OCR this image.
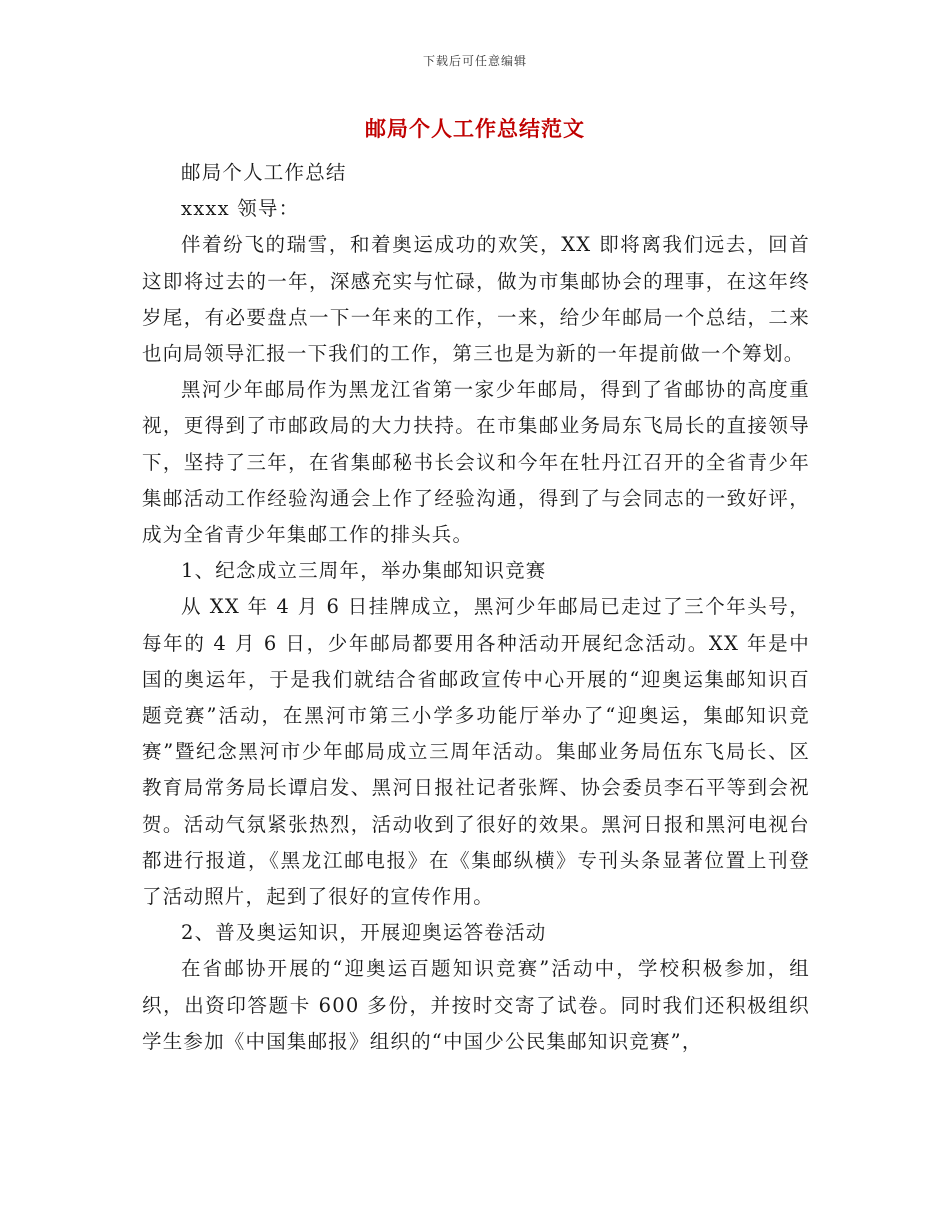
下载后可任意编辑
邮局个人工作总结范文

邮局个人工作总结

xxxx 领导：

伴着纷飞的瑞雪，和着奥运成功的欢笑，XX 即将离我们远去，回首这即将过去的一年，深感充实与忙碌，做为市集邮协会的理事，在这年终岁尾，有必要盘点一下一年来的工作，一来，给少年邮局一个总结，二来也向局领导汇报一下我们的工作，第三也是为新的一年提前做一个筹划。

黑河少年邮局作为黑龙江省第一家少年邮局，得到了省邮协的高度重视，更得到了市邮政局的大力扶持。在市集邮业务局东飞局长的直接领导下，坚持了三年，在省集邮秘书长会议和今年在牡丹江召开的全省青少年集邮活动工作经验沟通会上作了经验沟通，得到了与会同志的一致好评，成为全省青少年集邮工作的排头兵。

1、纪念成立三周年，举办集邮知识竞赛

从 XX 年 4 月 6 日挂牌成立，黑河少年邮局已走过了三个年头号，每年的 4 月 6 日，少年邮局都要用各种活动开展纪念活动。XX 年是中国的奥运年，于是我们就结合省邮政宣传中心开展的“迎奥运集邮知识百题竞赛”活动，在黑河市第三小学多功能厅举办了“迎奥运，集邮知识竞赛”暨纪念黑河市少年邮局成立三周年活动。集邮业务局伍东飞局长、区教育局常务局长谭启发、黑河日报社记者张辉、协会委员李石平等到会祝贺。活动气氛紧张热烈，活动收到了很好的效果。黑河日报和黑河电视台都进行报道，《黑龙江邮电报》在《集邮纵横》专刊头条显著位置上刊登了活动照片，起到了很好的宣传作用。

2、普及奥运知识，开展迎奥运答卷活动

在省邮协开展的“迎奥运百题知识竞赛”活动中，学校积极参加，组织，出资印答题卡 600 多份，并按时交寄了试卷。同时我们还积极组织学生参加《中国集邮报》组织的“中国少公民集邮知识竞赛”，
